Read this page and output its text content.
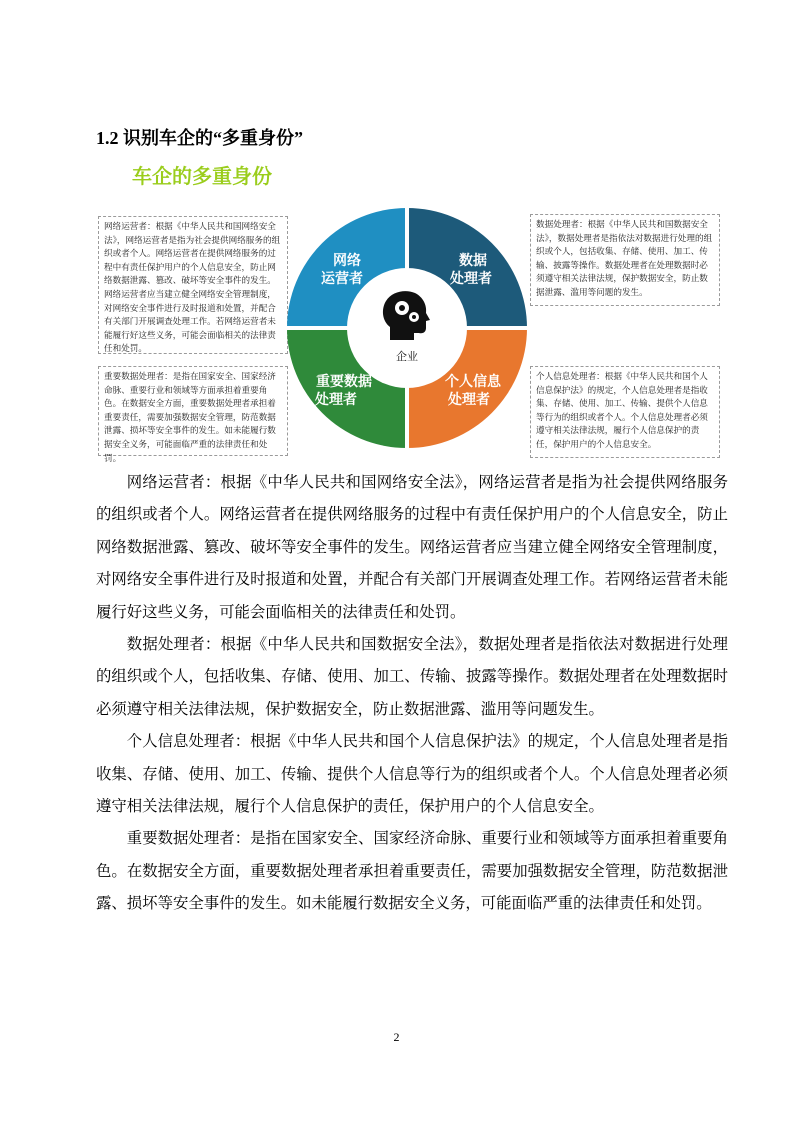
1.2 识别车企的“多重身份”
车企的多重身份
网络运营者：根据《中华人民共和国网络安全法》，网络运营者是指为社会提供网络服务的组织或者个人。网络运营者在提供网络服务的过程中有责任保护用户的个人信息安全，防止网络数据泄露、篡改、破坏等安全事件的发生。网络运营者应当建立健全网络安全管理制度，对网络安全事件进行及时报道和处置，并配合有关部门开展调查处理工作。若网络运营者未能履行好这些义务，可能会面临相关的法律责任和处罚。
数据处理者：根据《中华人民共和国数据安全法》，数据处理者是指依法对数据进行处理的组织或个人，包括收集、存储、使用、加工、传输、披露等操作。数据处理者在处理数据时必须遵守相关法律法规，保护数据安全，防止数据泄露、滥用等问题的发生。
重要数据处理者：是指在国家安全、国家经济命脉、重要行业和领域等方面承担着重要角色。在数据安全方面，重要数据处理者承担着重要责任，需要加强数据安全管理，防范数据泄露、损坏等安全事件的发生。如未能履行数据安全义务，可能面临严重的法律责任和处罚。
个人信息处理者：根据《中华人民共和国个人信息保护法》的规定，个人信息处理者是指收集、存储、使用、加工、传输、提供个人信息等行为的组织或者个人。个人信息处理者必须遵守相关法律法规，履行个人信息保护的责任，保护用户的个人信息安全。
企业
网络
运营者
数据
处理者
重要数据
处理者
个人信息
处理者

网络运营者：根据《中华人民共和国网络安全法》，网络运营者是指为社会提供网络服务的组织或者个人。网络运营者在提供网络服务的过程中有责任保护用户的个人信息安全，防止网络数据泄露、篡改、破坏等安全事件的发生。网络运营者应当建立健全网络安全管理制度，对网络安全事件进行及时报道和处置，并配合有关部门开展调查处理工作。若网络运营者未能履行好这些义务，可能会面临相关的法律责任和处罚。

数据处理者：根据《中华人民共和国数据安全法》，数据处理者是指依法对数据进行处理的组织或个人，包括收集、存储、使用、加工、传输、披露等操作。数据处理者在处理数据时必须遵守相关法律法规，保护数据安全，防止数据泄露、滥用等问题发生。

个人信息处理者：根据《中华人民共和国个人信息保护法》的规定，个人信息处理者是指收集、存储、使用、加工、传输、提供个人信息等行为的组织或者个人。个人信息处理者必须遵守相关法律法规，履行个人信息保护的责任，保护用户的个人信息安全。

重要数据处理者：是指在国家安全、国家经济命脉、重要行业和领域等方面承担着重要角色。在数据安全方面，重要数据处理者承担着重要责任，需要加强数据安全管理，防范数据泄露、损坏等安全事件的发生。如未能履行数据安全义务，可能面临严重的法律责任和处罚。

2
